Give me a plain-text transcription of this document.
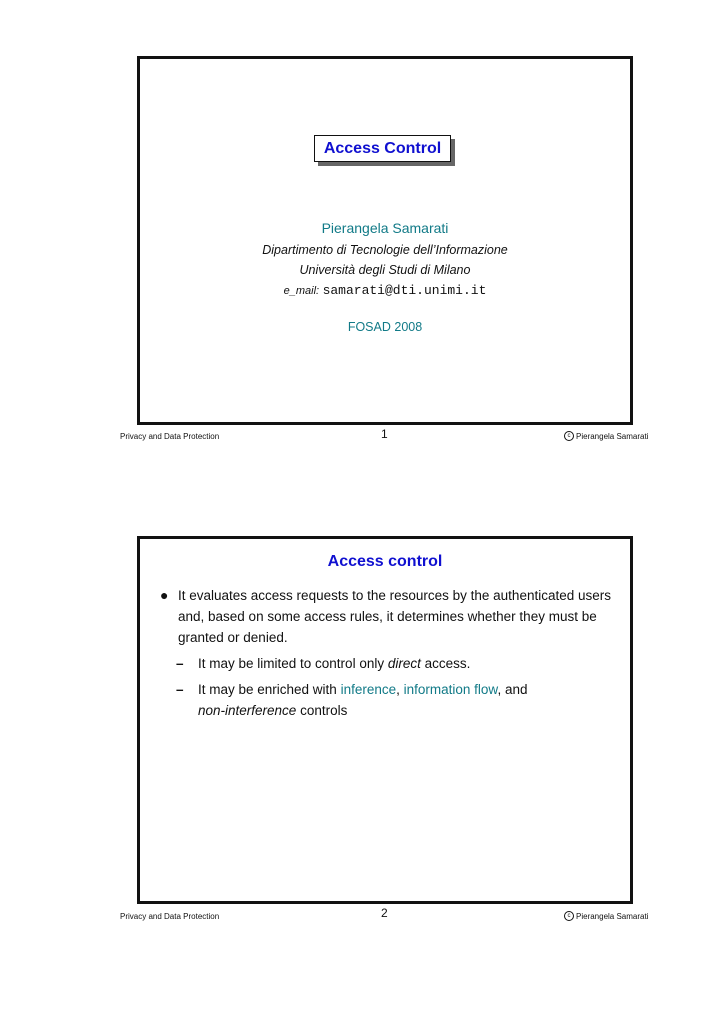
Access Control
Pierangela Samarati
Dipartimento di Tecnologie dell’Informazione
Università degli Studi di Milano
e_mail: samarati@dti.unimi.it
FOSAD 2008
Privacy and Data Protection	1	c Pierangela Samarati
Access control
● It evaluates access requests to the resources by the authenticated users and, based on some access rules, it determines whether they must be granted or denied.
–	It may be limited to control only direct access.
–	It may be enriched with inference, information flow, and
non-interference controls
Privacy and Data Protection	2	c Pierangela Samarati
